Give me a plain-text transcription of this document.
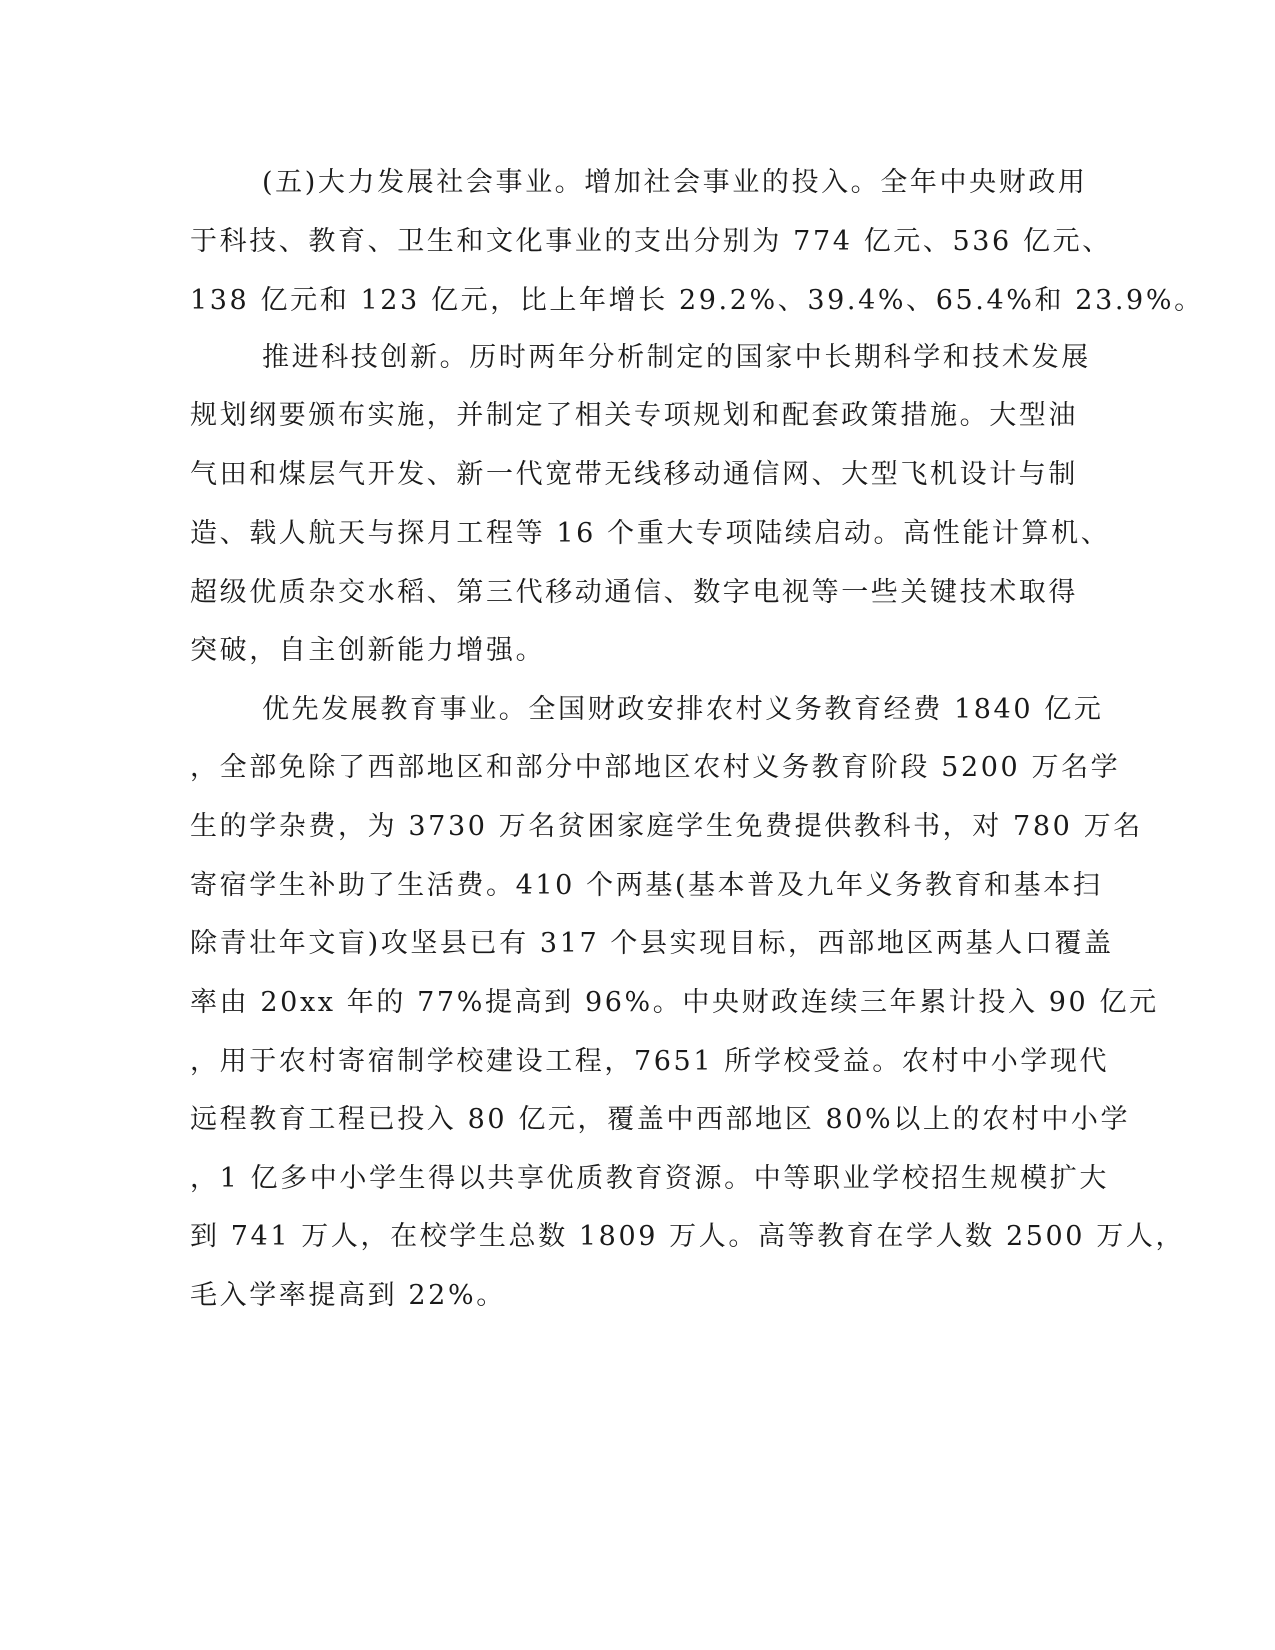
(五)大力发展社会事业。增加社会事业的投入。全年中央财政用
于科技、教育、卫生和文化事业的支出分别为 774 亿元、536 亿元、
138 亿元和 123 亿元，比上年增长 29.2%、39.4%、65.4%和 23.9%。
推进科技创新。历时两年分析制定的国家中长期科学和技术发展
规划纲要颁布实施，并制定了相关专项规划和配套政策措施。大型油
气田和煤层气开发、新一代宽带无线移动通信网、大型飞机设计与制
造、载人航天与探月工程等 16 个重大专项陆续启动。高性能计算机、
超级优质杂交水稻、第三代移动通信、数字电视等一些关键技术取得
突破，自主创新能力增强。
优先发展教育事业。全国财政安排农村义务教育经费 1840 亿元
，全部免除了西部地区和部分中部地区农村义务教育阶段 5200 万名学
生的学杂费，为 3730 万名贫困家庭学生免费提供教科书，对 780 万名
寄宿学生补助了生活费。410 个两基(基本普及九年义务教育和基本扫
除青壮年文盲)攻坚县已有 317 个县实现目标，西部地区两基人口覆盖
率由 20xx 年的 77%提高到 96%。中央财政连续三年累计投入 90 亿元
，用于农村寄宿制学校建设工程，7651 所学校受益。农村中小学现代
远程教育工程已投入 80 亿元，覆盖中西部地区 80%以上的农村中小学
，1 亿多中小学生得以共享优质教育资源。中等职业学校招生规模扩大
到 741 万人，在校学生总数 1809 万人。高等教育在学人数 2500 万人，
毛入学率提高到 22%。
